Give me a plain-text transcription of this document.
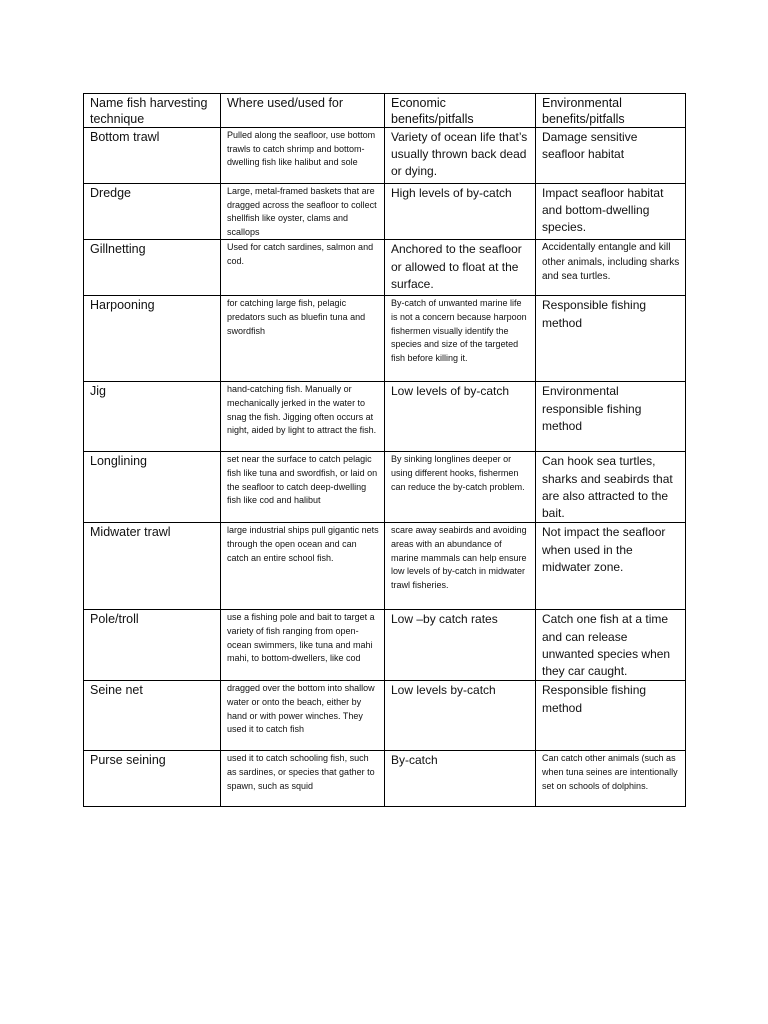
Name fish harvesting technique	Where used/used for	Economic benefits/pitfalls	Environmental benefits/pitfalls
Bottom trawl	Pulled along the seafloor, use bottom trawls to catch shrimp and bottom-dwelling fish like halibut and sole	Variety of ocean life that’s usually thrown back dead or dying.	Damage sensitive seafloor habitat
Dredge	Large, metal-framed baskets that are dragged across the seafloor to collect shellfish like oyster, clams and scallops	High levels of by-catch	Impact seafloor habitat and bottom-dwelling species.
Gillnetting	Used for catch sardines, salmon and cod.	Anchored to the seafloor or allowed to float at the surface.	Accidentally entangle and kill other animals, including sharks and sea turtles.
Harpooning	for catching large fish, pelagic predators such as bluefin tuna and swordfish	By-catch of unwanted marine life is not a concern because harpoon fishermen visually identify the species and size of the targeted fish before killing it.	Responsible fishing method
Jig	hand-catching fish. Manually or mechanically jerked in the water to snag the fish. Jigging often occurs at night, aided by light to attract the fish.	Low levels of by-catch	Environmental responsible fishing method
Longlining	set near the surface to catch pelagic fish like tuna and swordfish, or laid on the seafloor to catch deep-dwelling fish like cod and halibut	By sinking longlines deeper or using different hooks, fishermen can reduce the by-catch problem.	Can hook sea turtles, sharks and seabirds that are also attracted to the bait.
Midwater trawl	large industrial ships pull gigantic nets through the open ocean and can catch an entire school fish.	scare away seabirds and avoiding areas with an abundance of marine mammals can help ensure low levels of by-catch in midwater trawl fisheries.	Not impact the seafloor when used in the midwater zone.
Pole/troll	use a fishing pole and bait to target a variety of fish ranging from open-ocean swimmers, like tuna and mahi mahi, to bottom-dwellers, like cod	Low –by catch rates	Catch one fish at a time and can release unwanted species when they car caught.
Seine net	dragged over the bottom into shallow water or onto the beach, either by hand or with power winches. They used it to catch fish	Low levels by-catch	Responsible fishing method
Purse seining	used it to catch schooling fish, such as sardines, or species that gather to spawn, such as squid	By-catch	Can catch other animals (such as when tuna seines are intentionally set on schools of dolphins.
